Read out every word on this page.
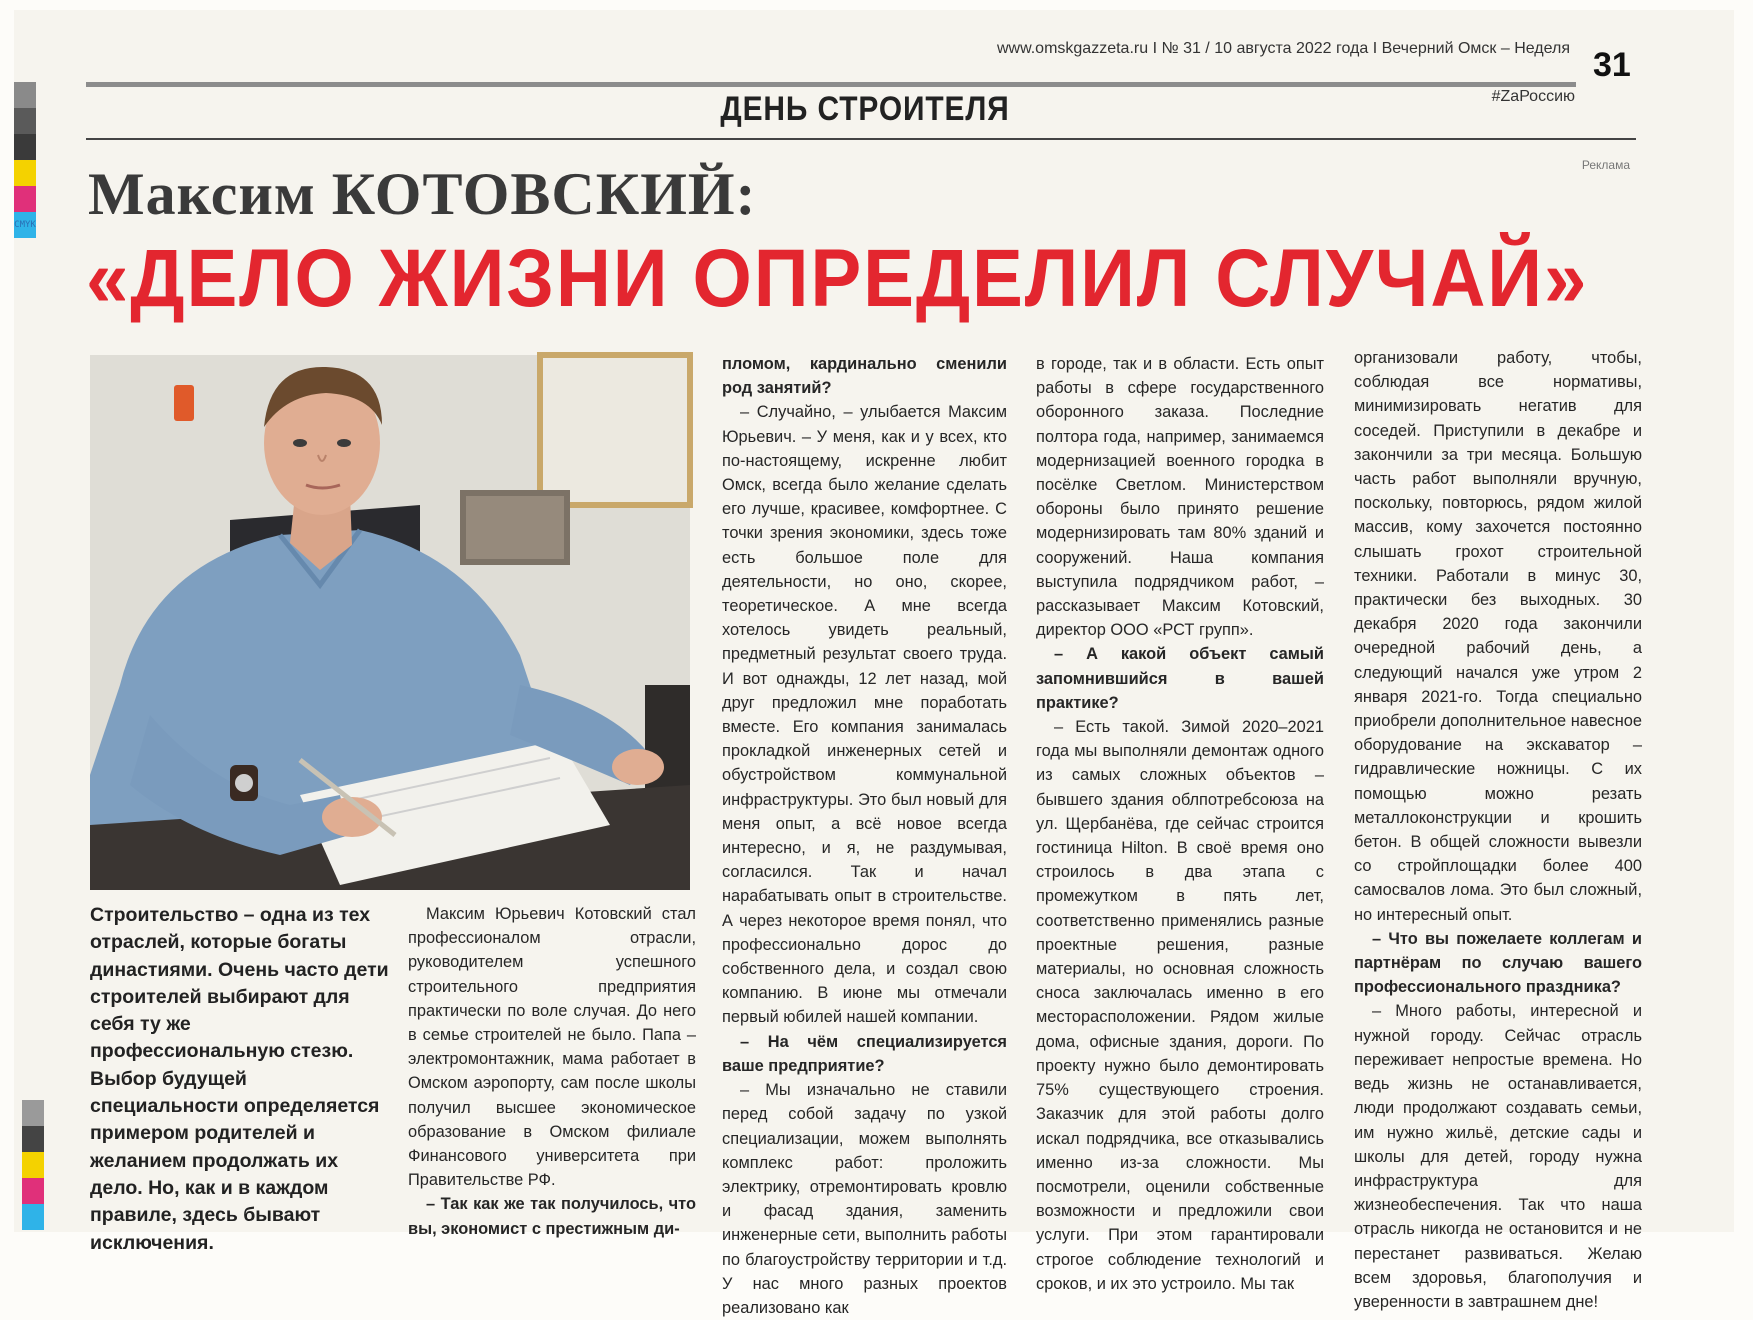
CMYK
www.omskgazzeta.ru I № 31 / 10 августа 2022 года I Вечерний Омск – Неделя 31
#ZaРоссию
ДЕНЬ СТРОИТЕЛЯ
Реклама
Максим КОТОВСКИЙ:
«ДЕЛО ЖИЗНИ ОПРЕДЕЛИЛ СЛУЧАЙ»
Строительство – одна из тех отраслей, которые богаты династиями. Очень часто дети строителей выбирают для себя ту же профессиональную стезю. Выбор будущей специальности определяется примером родителей и желанием продолжать их дело. Но, как и в каждом правиле, здесь бывают исключения.

Максим Юрьевич Котовский стал профессионалом отрасли, руководителем успешного строительного предприятия практически по воле случая. До него в семье строителей не было. Папа – электромонтажник, мама работает в Омском аэропорту, сам после школы получил высшее экономическое образование в Омском филиале Финансового университета при Правительстве РФ.

– Так как же так получилось, что вы, экономист с престижным ди-

пломом, кардинально сменили род занятий?

– Случайно, – улыбается Максим Юрьевич. – У меня, как и у всех, кто по-настоящему, искренне любит Омск, всегда было желание сделать его лучше, красивее, комфортнее. С точки зрения экономики, здесь тоже есть большое поле для деятельности, но оно, скорее, теоретическое. А мне всегда хотелось увидеть реальный, предметный результат своего труда. И вот однажды, 12 лет назад, мой друг предложил мне поработать вместе. Его компания занималась прокладкой инженерных сетей и обустройством коммунальной инфраструктуры. Это был новый для меня опыт, а всё новое всегда интересно, и я, не раздумывая, согласился. Так и начал нарабатывать опыт в строительстве. А через некоторое время понял, что профессионально дорос до собственного дела, и создал свою компанию. В июне мы отмечали первый юбилей нашей компании.

– На чём специализируется ваше предприятие?

– Мы изначально не ставили перед собой задачу по узкой специализации, можем выполнять комплекс работ: проложить электрику, отремонтировать кровлю и фасад здания, заменить инженерные сети, выполнить работы по благоустройству территории и т.д. У нас много разных проектов реализовано как

в городе, так и в области. Есть опыт работы в сфере государственного оборонного заказа. Последние полтора года, например, занимаемся модернизацией военного городка в посёлке Светлом. Министерством обороны было принято решение модернизировать там 80% зданий и сооружений. Наша компания выступила подрядчиком работ, – рассказывает Максим Котовский, директор ООО «РСТ групп».

– А какой объект самый запомнившийся в вашей практике?

– Есть такой. Зимой 2020–2021 года мы выполняли демонтаж одного из самых сложных объектов – бывшего здания облпотребсоюза на ул. Щербанёва, где сейчас строится гостиница Hilton. В своё время оно строилось в два этапа с промежутком в пять лет, соответственно применялись разные проектные решения, разные материалы, но основная сложность сноса заключалась именно в его месторасположении. Рядом жилые дома, офисные здания, дороги. По проекту нужно было демонтировать 75% существующего строения. Заказчик для этой работы долго искал подрядчика, все отказывались именно из-за сложности. Мы посмотрели, оценили собственные возможности и предложили свои услуги. При этом гарантировали строгое соблюдение технологий и сроков, и их это устроило. Мы так

организовали работу, чтобы, соблюдая все нормативы, минимизировать негатив для соседей. Приступили в декабре и закончили за три месяца. Большую часть работ выполняли вручную, поскольку, повторюсь, рядом жилой массив, кому захочется постоянно слышать грохот строительной техники. Работали в минус 30, практически без выходных. 30 декабря 2020 года закончили очередной рабочий день, а следующий начался уже утром 2 января 2021-го. Тогда специально приобрели дополнительное навесное оборудование на экскаватор – гидравлические ножницы. С их помощью можно резать металлоконструкции и крошить бетон. В общей сложности вывезли со стройплощадки более 400 самосвалов лома. Это был сложный, но интересный опыт.

– Что вы пожелаете коллегам и партнёрам по случаю вашего профессионального праздника?

– Много работы, интересной и нужной городу. Сейчас отрасль переживает непростые времена. Но ведь жизнь не останавливается, люди продолжают создавать семьи, им нужно жильё, детские сады и школы для детей, городу нужна инфраструктура для жизнеобеспечения. Так что наша отрасль никогда не остановится и не перестанет развиваться. Желаю всем здоровья, благополучия и уверенности в завтрашнем дне!
